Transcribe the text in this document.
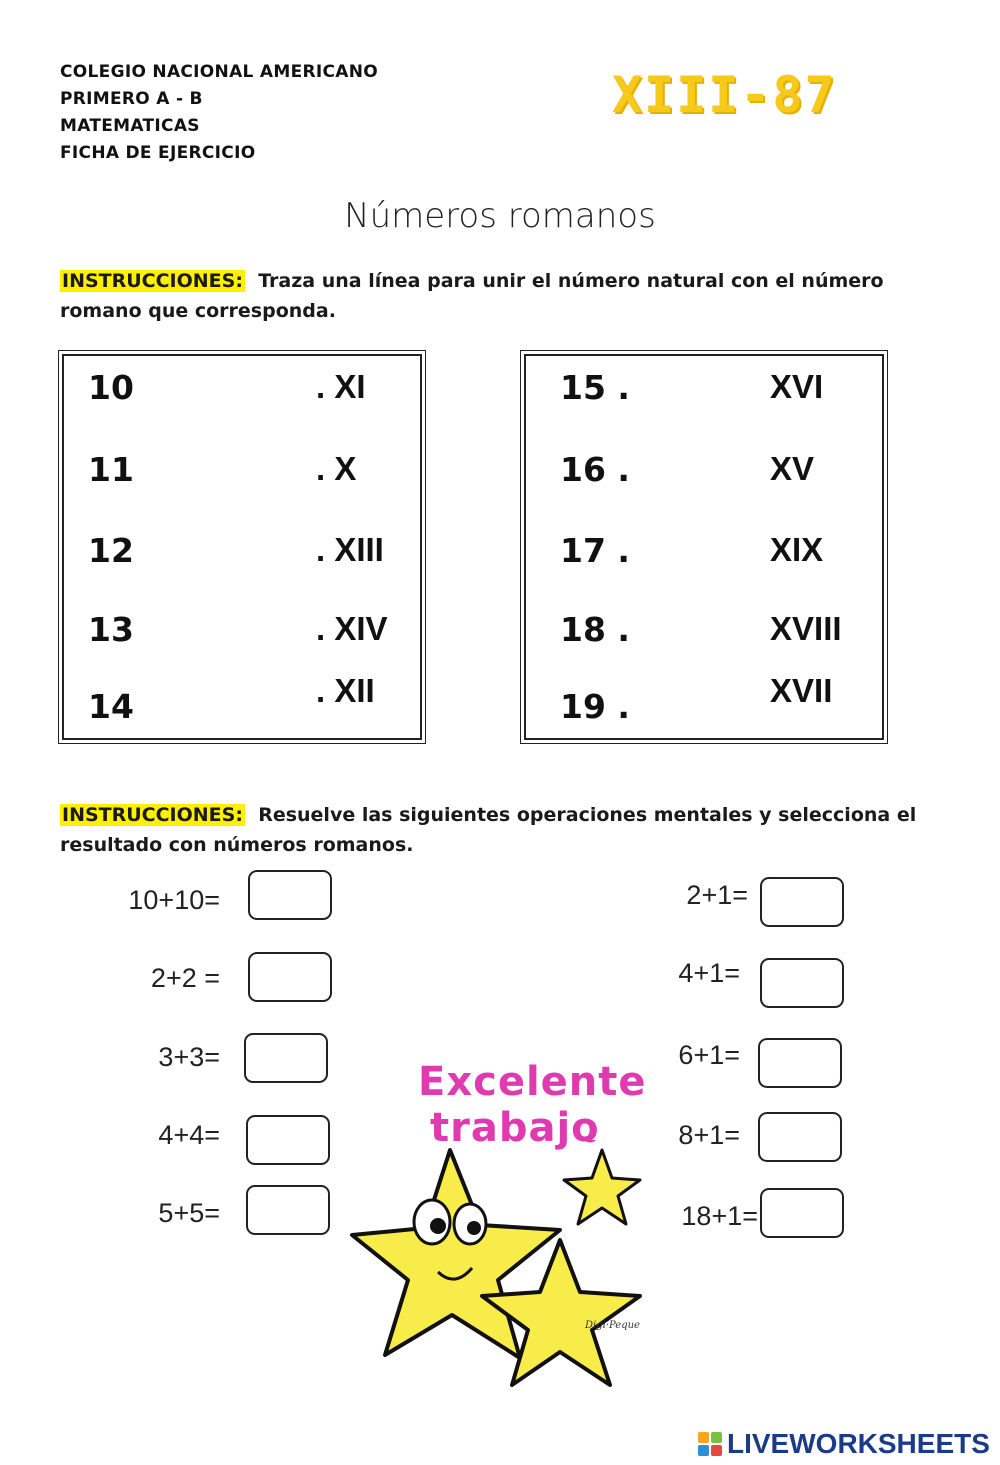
COLEGIO NACIONAL AMERICANO
PRIMERO A - B
MATEMATICAS
FICHA DE EJERCICIO
XIII-87
Números romanos
INSTRUCCIONES: Traza una línea para unir el número natural con el número romano que corresponda.
10
11
12
13
14
. XI
. X
. XIII
. XIV
. XII
15 .
16 .
17 .
18 .
19 .
XVI
XV
XIX
XVIII
XVII
INSTRUCCIONES: Resuelve las siguientes operaciones mentales y selecciona el resultado con números romanos.
10+10=
2+2 =
3+3=
4+4=
5+5=
2+1=
4+1=
6+1=
8+1=
18+1=
Excelente
trabajo
Digi·Peque
LIVEWORKSHEETS
